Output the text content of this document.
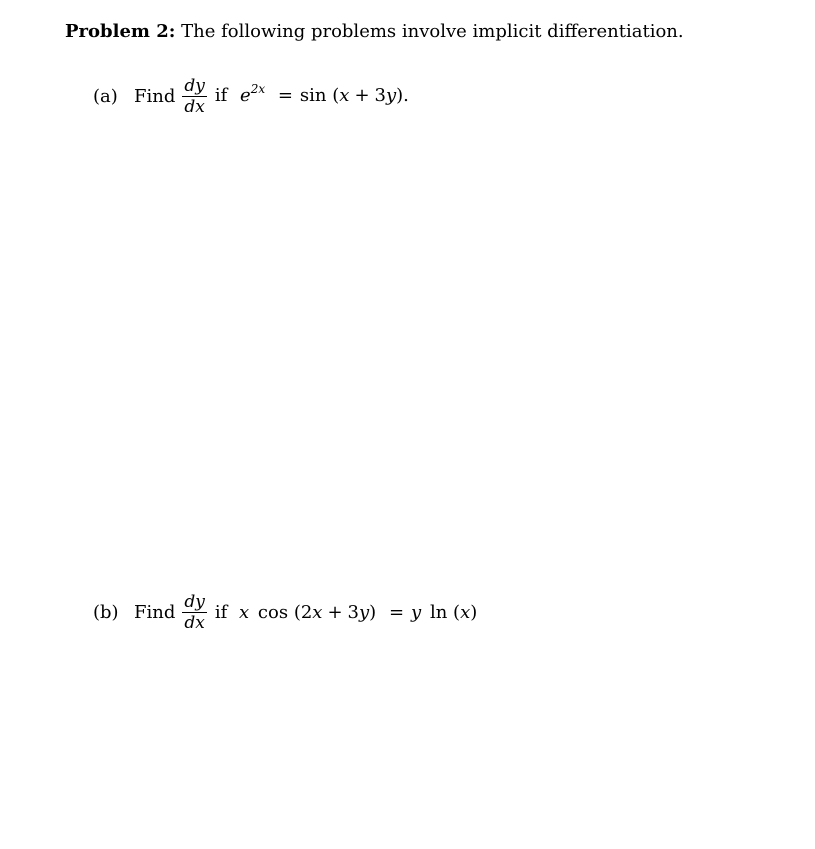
Problem 2: The following problems involve implicit differentiation.
(a) Find $\frac{dy}{dx}$ if $e^{2x} = \sin (x + 3y)$.
(b) Find $\frac{dy}{dx}$ if x cos (2x + 3y) = y ln (x)
